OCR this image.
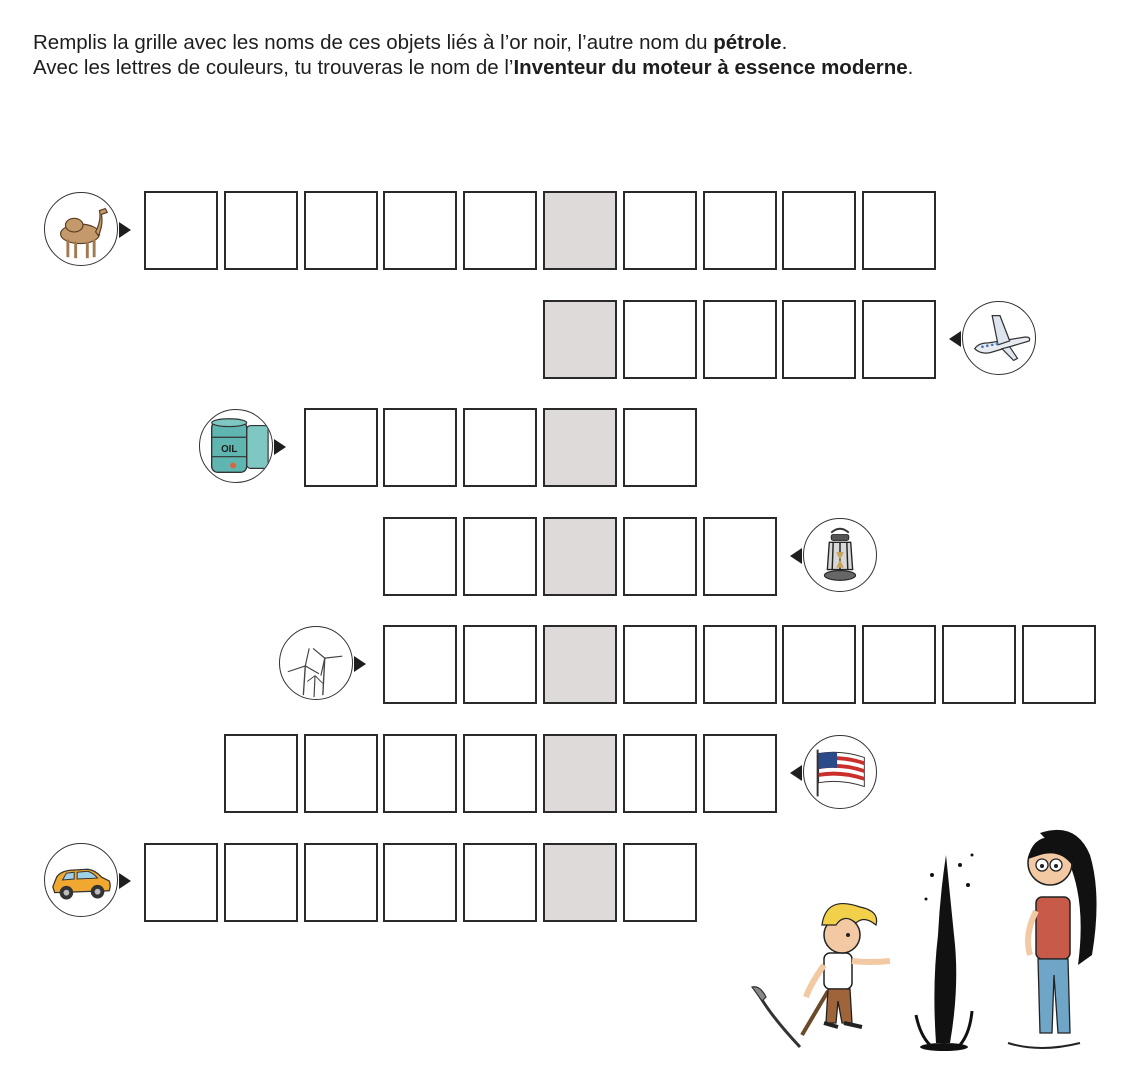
Remplis la grille avec les noms de ces objets liés à l’or noir, l’autre nom du pétrole.

Avec les lettres de couleurs, tu trouveras le nom de l’Inventeur du moteur à essence moderne.

OIL
